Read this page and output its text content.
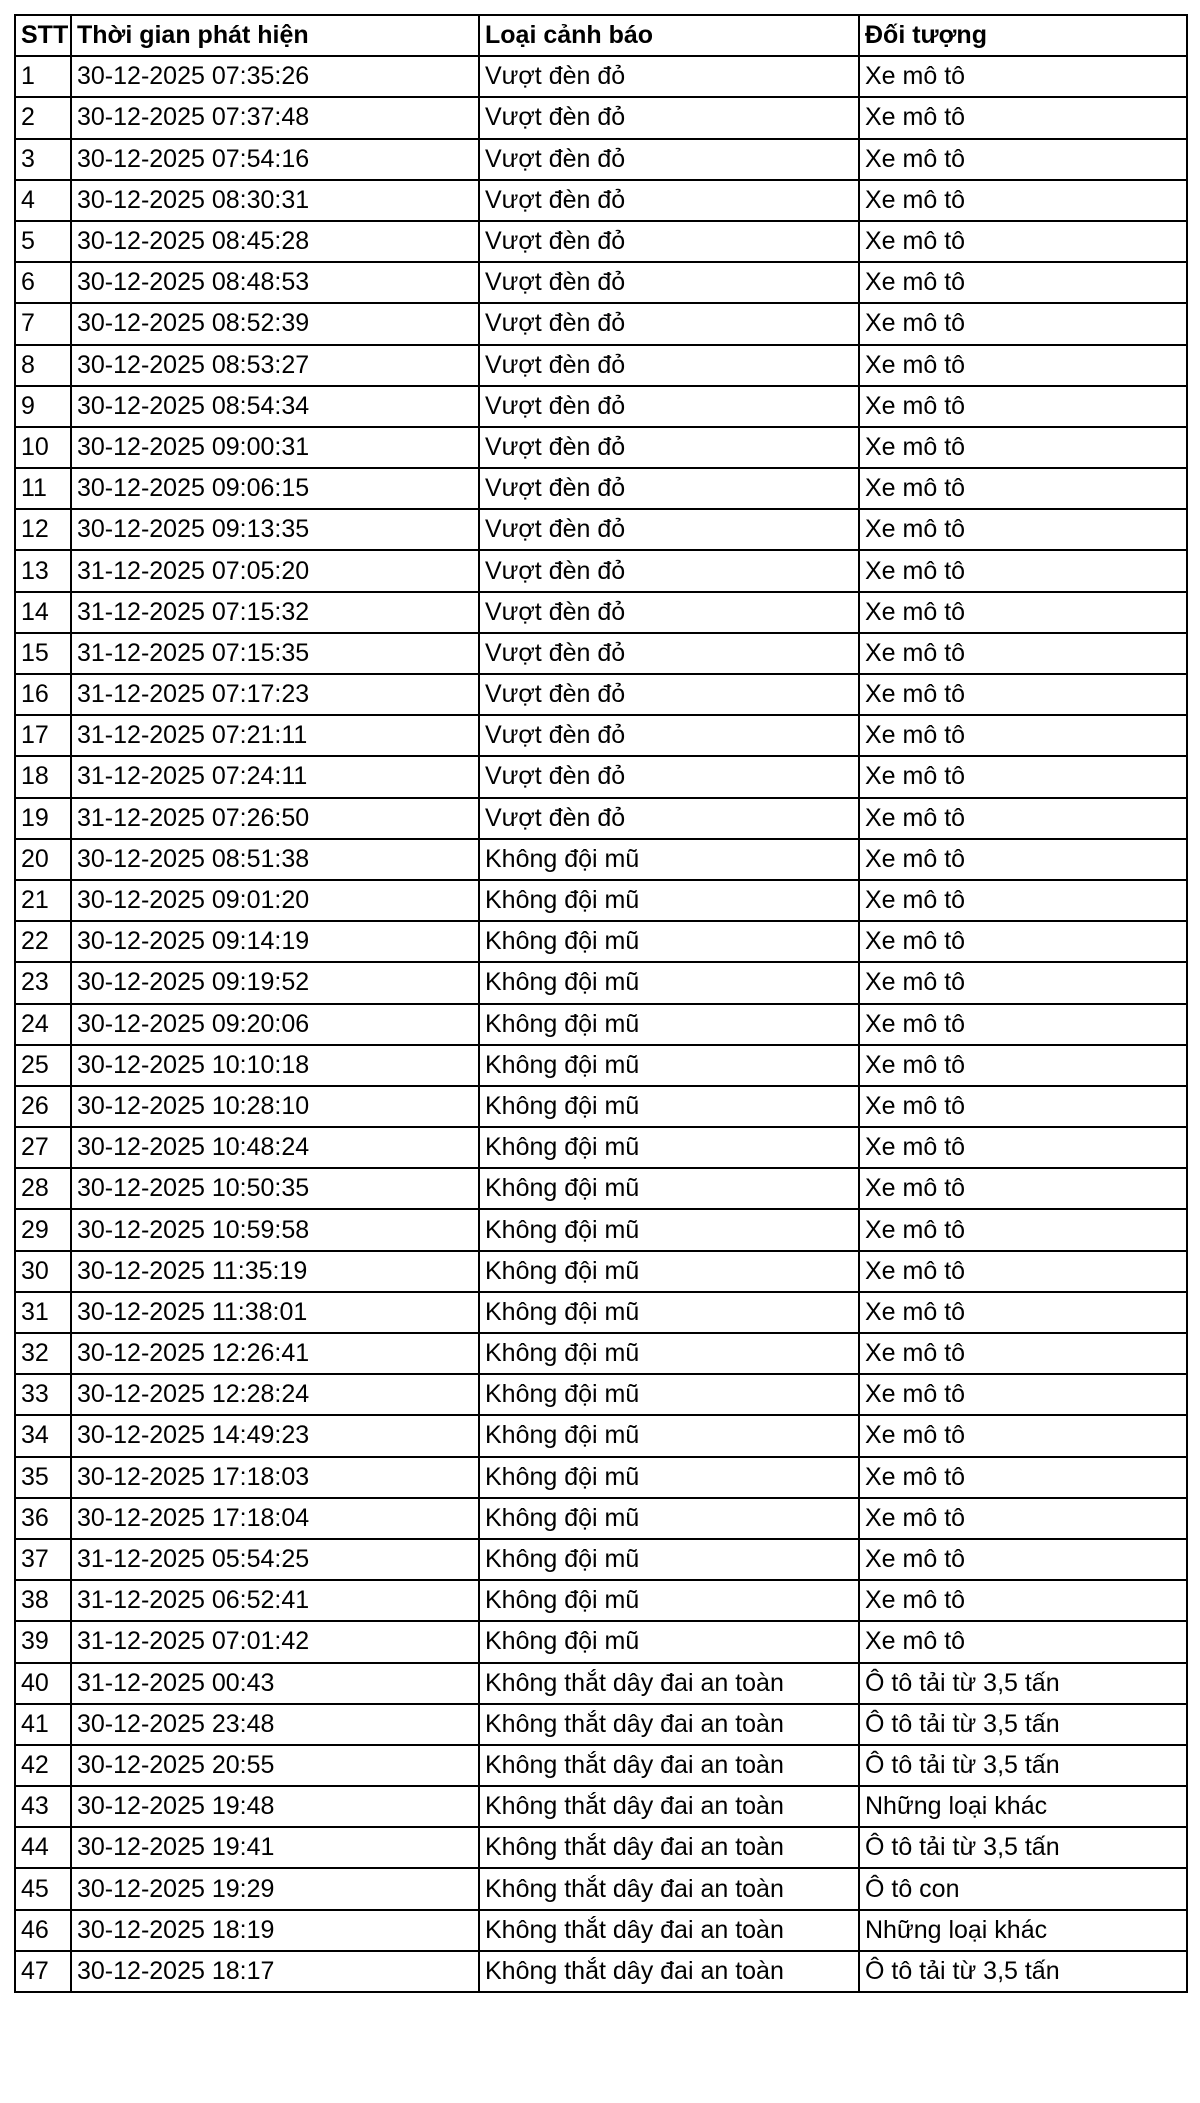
STT	Thời gian phát hiện	Loại cảnh báo	Đối tượng
1	30-12-2025 07:35:26	Vượt đèn đỏ	Xe mô tô
2	30-12-2025 07:37:48	Vượt đèn đỏ	Xe mô tô
3	30-12-2025 07:54:16	Vượt đèn đỏ	Xe mô tô
4	30-12-2025 08:30:31	Vượt đèn đỏ	Xe mô tô
5	30-12-2025 08:45:28	Vượt đèn đỏ	Xe mô tô
6	30-12-2025 08:48:53	Vượt đèn đỏ	Xe mô tô
7	30-12-2025 08:52:39	Vượt đèn đỏ	Xe mô tô
8	30-12-2025 08:53:27	Vượt đèn đỏ	Xe mô tô
9	30-12-2025 08:54:34	Vượt đèn đỏ	Xe mô tô
10	30-12-2025 09:00:31	Vượt đèn đỏ	Xe mô tô
11	30-12-2025 09:06:15	Vượt đèn đỏ	Xe mô tô
12	30-12-2025 09:13:35	Vượt đèn đỏ	Xe mô tô
13	31-12-2025 07:05:20	Vượt đèn đỏ	Xe mô tô
14	31-12-2025 07:15:32	Vượt đèn đỏ	Xe mô tô
15	31-12-2025 07:15:35	Vượt đèn đỏ	Xe mô tô
16	31-12-2025 07:17:23	Vượt đèn đỏ	Xe mô tô
17	31-12-2025 07:21:11	Vượt đèn đỏ	Xe mô tô
18	31-12-2025 07:24:11	Vượt đèn đỏ	Xe mô tô
19	31-12-2025 07:26:50	Vượt đèn đỏ	Xe mô tô
20	30-12-2025 08:51:38	Không đội mũ	Xe mô tô
21	30-12-2025 09:01:20	Không đội mũ	Xe mô tô
22	30-12-2025 09:14:19	Không đội mũ	Xe mô tô
23	30-12-2025 09:19:52	Không đội mũ	Xe mô tô
24	30-12-2025 09:20:06	Không đội mũ	Xe mô tô
25	30-12-2025 10:10:18	Không đội mũ	Xe mô tô
26	30-12-2025 10:28:10	Không đội mũ	Xe mô tô
27	30-12-2025 10:48:24	Không đội mũ	Xe mô tô
28	30-12-2025 10:50:35	Không đội mũ	Xe mô tô
29	30-12-2025 10:59:58	Không đội mũ	Xe mô tô
30	30-12-2025 11:35:19	Không đội mũ	Xe mô tô
31	30-12-2025 11:38:01	Không đội mũ	Xe mô tô
32	30-12-2025 12:26:41	Không đội mũ	Xe mô tô
33	30-12-2025 12:28:24	Không đội mũ	Xe mô tô
34	30-12-2025 14:49:23	Không đội mũ	Xe mô tô
35	30-12-2025 17:18:03	Không đội mũ	Xe mô tô
36	30-12-2025 17:18:04	Không đội mũ	Xe mô tô
37	31-12-2025 05:54:25	Không đội mũ	Xe mô tô
38	31-12-2025 06:52:41	Không đội mũ	Xe mô tô
39	31-12-2025 07:01:42	Không đội mũ	Xe mô tô
40	31-12-2025 00:43	Không thắt dây đai an toàn	Ô tô tải từ 3,5 tấn
41	30-12-2025 23:48	Không thắt dây đai an toàn	Ô tô tải từ 3,5 tấn
42	30-12-2025 20:55	Không thắt dây đai an toàn	Ô tô tải từ 3,5 tấn
43	30-12-2025 19:48	Không thắt dây đai an toàn	Những loại khác
44	30-12-2025 19:41	Không thắt dây đai an toàn	Ô tô tải từ 3,5 tấn
45	30-12-2025 19:29	Không thắt dây đai an toàn	Ô tô con
46	30-12-2025 18:19	Không thắt dây đai an toàn	Những loại khác
47	30-12-2025 18:17	Không thắt dây đai an toàn	Ô tô tải từ 3,5 tấn
